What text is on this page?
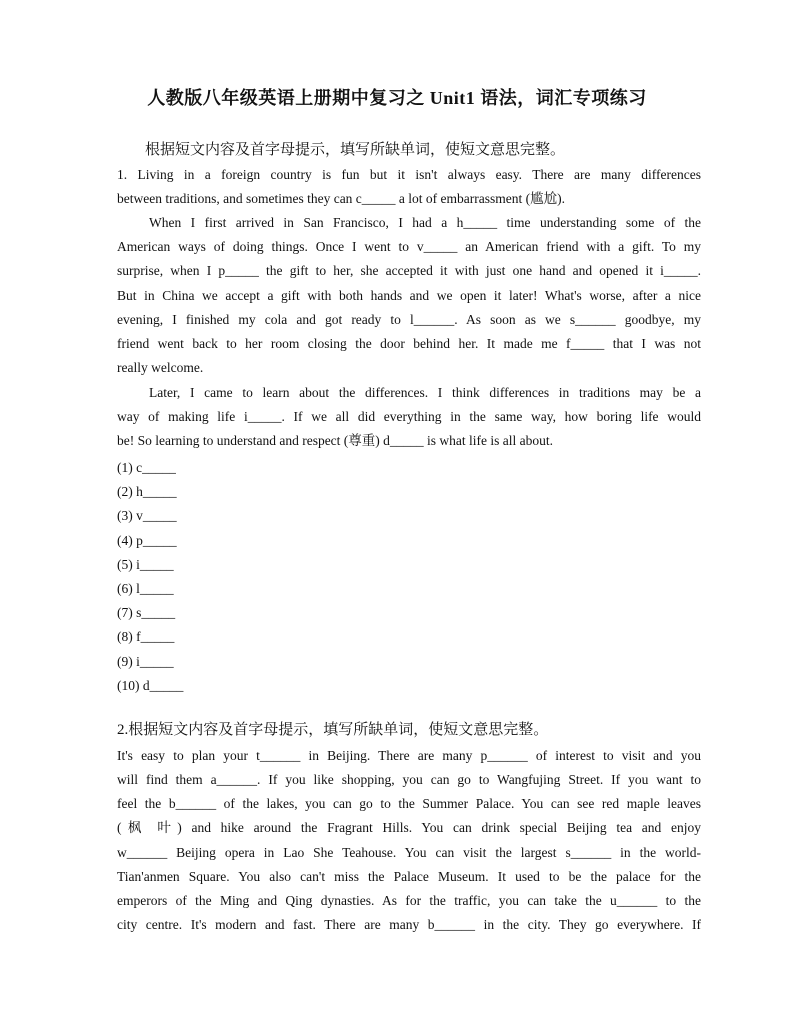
人教版八年级英语上册期中复习之 Unit1 语法，词汇专项练习
根据短文内容及首字母提示，填写所缺单词，使短文意思完整。
1. Living in a foreign country is fun but it isn't always easy. There are many differences
between traditions, and sometimes they can c_____ a lot of embarrassment (尴尬).
When I first arrived in San Francisco, I had a h_____ time understanding some of the
American ways of doing things. Once I went to v_____ an American friend with a gift. To my
surprise, when I p_____ the gift to her, she accepted it with just one hand and opened it i_____.
But in China we accept a gift with both hands and we open it later! What's worse, after a nice
evening, I finished my cola and got ready to l______. As soon as we s______ goodbye, my
friend went back to her room closing the door behind her. It made me f_____ that I was not
really welcome.
Later, I came to learn about the differences. I think differences in traditions may be a
way of making life i_____. If we all did everything in the same way, how boring life would
be! So learning to understand and respect (尊重) d_____ is what life is all about.
(1) c_____
(2) h_____
(3) v_____
(4) p_____
(5) i_____
(6) l_____
(7) s_____
(8) f_____
(9) i_____
(10) d_____
2.根据短文内容及首字母提示，填写所缺单词，使短文意思完整。
It's easy to plan your t______ in Beijing. There are many p______ of interest to visit and you
will find them a______. If you like shopping, you can go to Wangfujing Street. If you want to
feel the b______ of the lakes, you can go to the Summer Palace. You can see red maple leaves
(枫 叶) and hike around the Fragrant Hills. You can drink special Beijing tea and enjoy
w______ Beijing opera in Lao She Teahouse. You can visit the largest s______ in the world-
Tian'anmen Square. You also can't miss the Palace Museum. It used to be the palace for the
emperors of the Ming and Qing dynasties. As for the traffic, you can take the u______ to the
city centre. It's modern and fast. There are many b______ in the city. They go everywhere. If
